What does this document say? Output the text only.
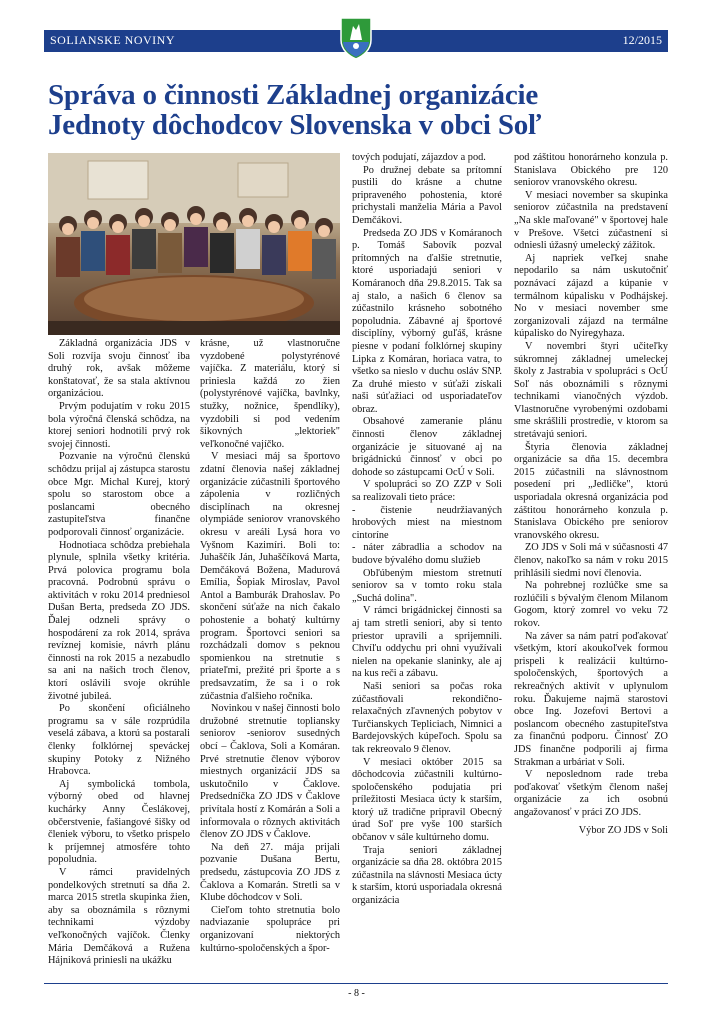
SOLIANSKE NOVINY	12/2015
Správa o činnosti Základnej organizácie
Jednoty dôchodcov Slovenska v obci Soľ

Základná organizácia JDS v Soli rozvíja svoju činnosť iba druhý rok, avšak môžeme konštatovať, že sa stala aktívnou organizáciou.

Prvým podujatím v roku 2015 bola výročná členská schôdza, na ktorej seniori hodnotili prvý rok svojej činnosti.

Pozvanie na výročnú členskú schôdzu prijal aj zástupca starostu obce Mgr. Michal Kurej, ktorý spolu so starostom obce a poslancami obecného zastupiteľstva finančne podporovali činnosť organizácie.

Hodnotiaca schôdza prebiehala plynule, splnila všetky kritéria. Prvá polovica programu bola pracovná. Podrobnú správu o aktivitách v roku 2014 predniesol Dušan Berta, predseda ZO JDS. Ďalej odzneli správy o hospodárení za rok 2014, správa revíznej komisie, návrh plánu činnosti na rok 2015 a nezabudlo sa ani na našich troch členov, ktorí oslávili svoje okrúhle životné jubileá.

Po skončení oficiálneho programu sa v sále rozprúdila veselá zábava, a ktorú sa postarali členky folklórnej speváckej skupiny Potoky z Nižného Hrabovca.

Aj symbolická tombola, výborný obed od hlavnej kuchárky Anny Česlákovej, občerstvenie, fašiangové šišky od členiek výboru, to všetko prispelo k príjemnej atmosfére tohto popoludnia.

V rámci pravidelných pondelkových stretnutí sa dňa 2. marca 2015 stretla skupinka žien, aby sa oboznámila s rôznymi technikami výzdoby veľkonočných vajíčok. Členky Mária Demčáková a Ružena Hájniková priniesli na ukážku

krásne, už vlastnoručne vyzdobené polystyrénové vajíčka. Z materiálu, ktorý si priniesla každá zo žien (polystyrénové vajíčka, bavlnky, stužky, nožnice, špendlíky), vyzdobili si pod vedením šikovných „lektoriek" veľkonočné vajíčko.

V mesiaci máj sa športovo zdatní členovia našej základnej organizácie zúčastnili športového zápolenia v rozličných disciplínach na okresnej olympiáde seniorov vranovského okresu v areáli Lysá hora vo Vyšnom Kazimíri. Boli to: Juhaščík Ján, Juhaščíková Marta, Demčáková Božena, Madurová Emília, Šopiak Miroslav, Pavol Antol a Bamburák Drahoslav. Po skončení súťaže na nich čakalo pohostenie a bohatý kultúrny program. Športovci seniori sa rozchádzali domov s peknou spomienkou na stretnutie s priateľmi, prežité pri športe a s predsavzatím, že sa i o rok zúčastnia ďalšieho ročníka.

Novinkou v našej činnosti bolo družobné stretnutie topliansky seniorov -seniorov susedných obcí – Čaklova, Soli a Komáran. Prvé stretnutie členov výborov miestnych organizácií JDS sa uskutočnilo v Čaklove. Predsedníčka ZO JDS v Čaklove privítala hostí z Komárán a Soli a informovala o rôznych aktivitách členov ZO JDS v Čaklove.

Na deň 27. mája prijali pozvanie Dušana Bertu, predsedu, zástupcovia ZO JDS z Čaklova a Komarán. Stretli sa v Klube dôchodcov v Soli.

Cieľom tohto stretnutia bolo nadviazanie spolupráce pri organizovaní niektorých kultúrno-spoločenských a špor-

tových podujatí, zájazdov a pod.

Po družnej debate sa prítomní pustili do krásne a chutne pripraveného pohostenia, ktoré prichystali manželia Mária a Pavol Demčákovi.

Predseda ZO JDS v Komáranoch p. Tomáš Sabovík pozval prítomných na ďalšie stretnutie, ktoré usporiadajú seniori v Komáranoch dňa 29.8.2015. Tak sa aj stalo, a našich 6 členov sa zúčastnilo krásneho sobotného popoludnia. Zábavné aj športové disciplíny, výborný guľáš, krásne piesne v podaní folklórnej skupiny Lipka z Komáran, horiaca vatra, to všetko sa nieslo v duchu osláv SNP. Za druhé miesto v súťaži získali naši súťažiaci od usporiadateľov obraz.

Obsahové zameranie plánu činnosti členov základnej organizácie je situované aj na brigádnickú činnosť v obci po dohode so zástupcami OcÚ v Soli.

V spolupráci so ZO ZZP v Soli sa realizovali tieto práce:

- čistenie neudržiavaných hrobových miest na miestnom cintoríne

- náter zábradlia a schodov na budove bývalého domu služieb

Obľúbeným miestom stretnutí seniorov sa v tomto roku stala „Suchá dolina".

V rámci brigádnickej činnosti sa aj tam stretli seniori, aby si tento priestor upravili a sprijemnili. Chvíľu oddychu pri ohni využívali nielen na opekanie slaninky, ale aj na kus reči a zábavu.

Naši seniori sa počas roka zúčastňovali rekondično-relaxačných zľavnených pobytov v Turčianskych Tepliciach, Nimnici a Bardejovských kúpeľoch. Spolu sa tak rekreovalo 9 členov.

V mesiaci október 2015 sa dôchodcovia zúčastnili kultúrno-spoločenského podujatia pri príležitosti Mesiaca úcty k starším, ktorý už tradične pripravil Obecný úrad Soľ pre vyše 100 starších občanov v sále kultúrneho domu.

Traja seniori základnej organizácie sa dňa 28. októbra 2015 zúčastnila na slávnosti Mesiaca úcty k starším, ktorú usporiadala okresná organizácia

pod záštitou honorárneho konzula p. Stanislava Obického pre 120 seniorov vranovského okresu.

V mesiaci november sa skupinka seniorov zúčastnila na predstavení „Na skle maľované" v športovej hale v Prešove. Všetci zúčastnení si odniesli úžasný umelecký zážitok.

Aj napriek veľkej snahe nepodarilo sa nám uskutočniť poznávací zájazd a kúpanie v termálnom kúpalisku v Podhájskej. No v mesiaci november sme zorganizovali zájazd na termálne kúpalisko do Nyiregyhaza.

V novembri štyri učiteľky súkromnej základnej umeleckej školy z Jastrabia v spolupráci s OcÚ Soľ nás oboznámili s rôznymi technikami vianočných výzdob. Vlastnoručne vyrobenými ozdobami sme skrášlili prostredie, v ktorom sa stretávajú seniori.

Štyria členovia základnej organizácie sa dňa 15. decembra 2015 zúčastnili na slávnostnom posedení pri „Jedličke", ktorú usporiadala okresná organizácia pod záštitou honorárneho konzula p. Stanislava Obického pre seniorov vranovského okresu.

ZO JDS v Soli má v súčasnosti 47 členov, nakoľko sa nám v roku 2015 prihlásili siedmi noví členovia.

Na pohrebnej rozlúčke sme sa rozlúčili s bývalým členom Milanom Gogom, ktorý zomrel vo veku 72 rokov.

Na záver sa nám patrí poďakovať všetkým, ktorí akoukoľvek formou prispeli k realizácii kultúrno-spoločenských, športových a rekreačných aktivít v uplynulom roku. Ďakujeme najmä starostovi obce Ing. Jozefovi Bertovi a poslancom obecného zastupiteľstva za finančnú podporu. Činnosť ZO JDS finančne podporili aj firma Strakman a urbáriat v Soli.

V neposlednom rade treba poďakovať všetkým členom našej organizácie za ich osobnú angažovanosť v práci ZO JDS.

Výbor ZO JDS v Soli

- 8 -
